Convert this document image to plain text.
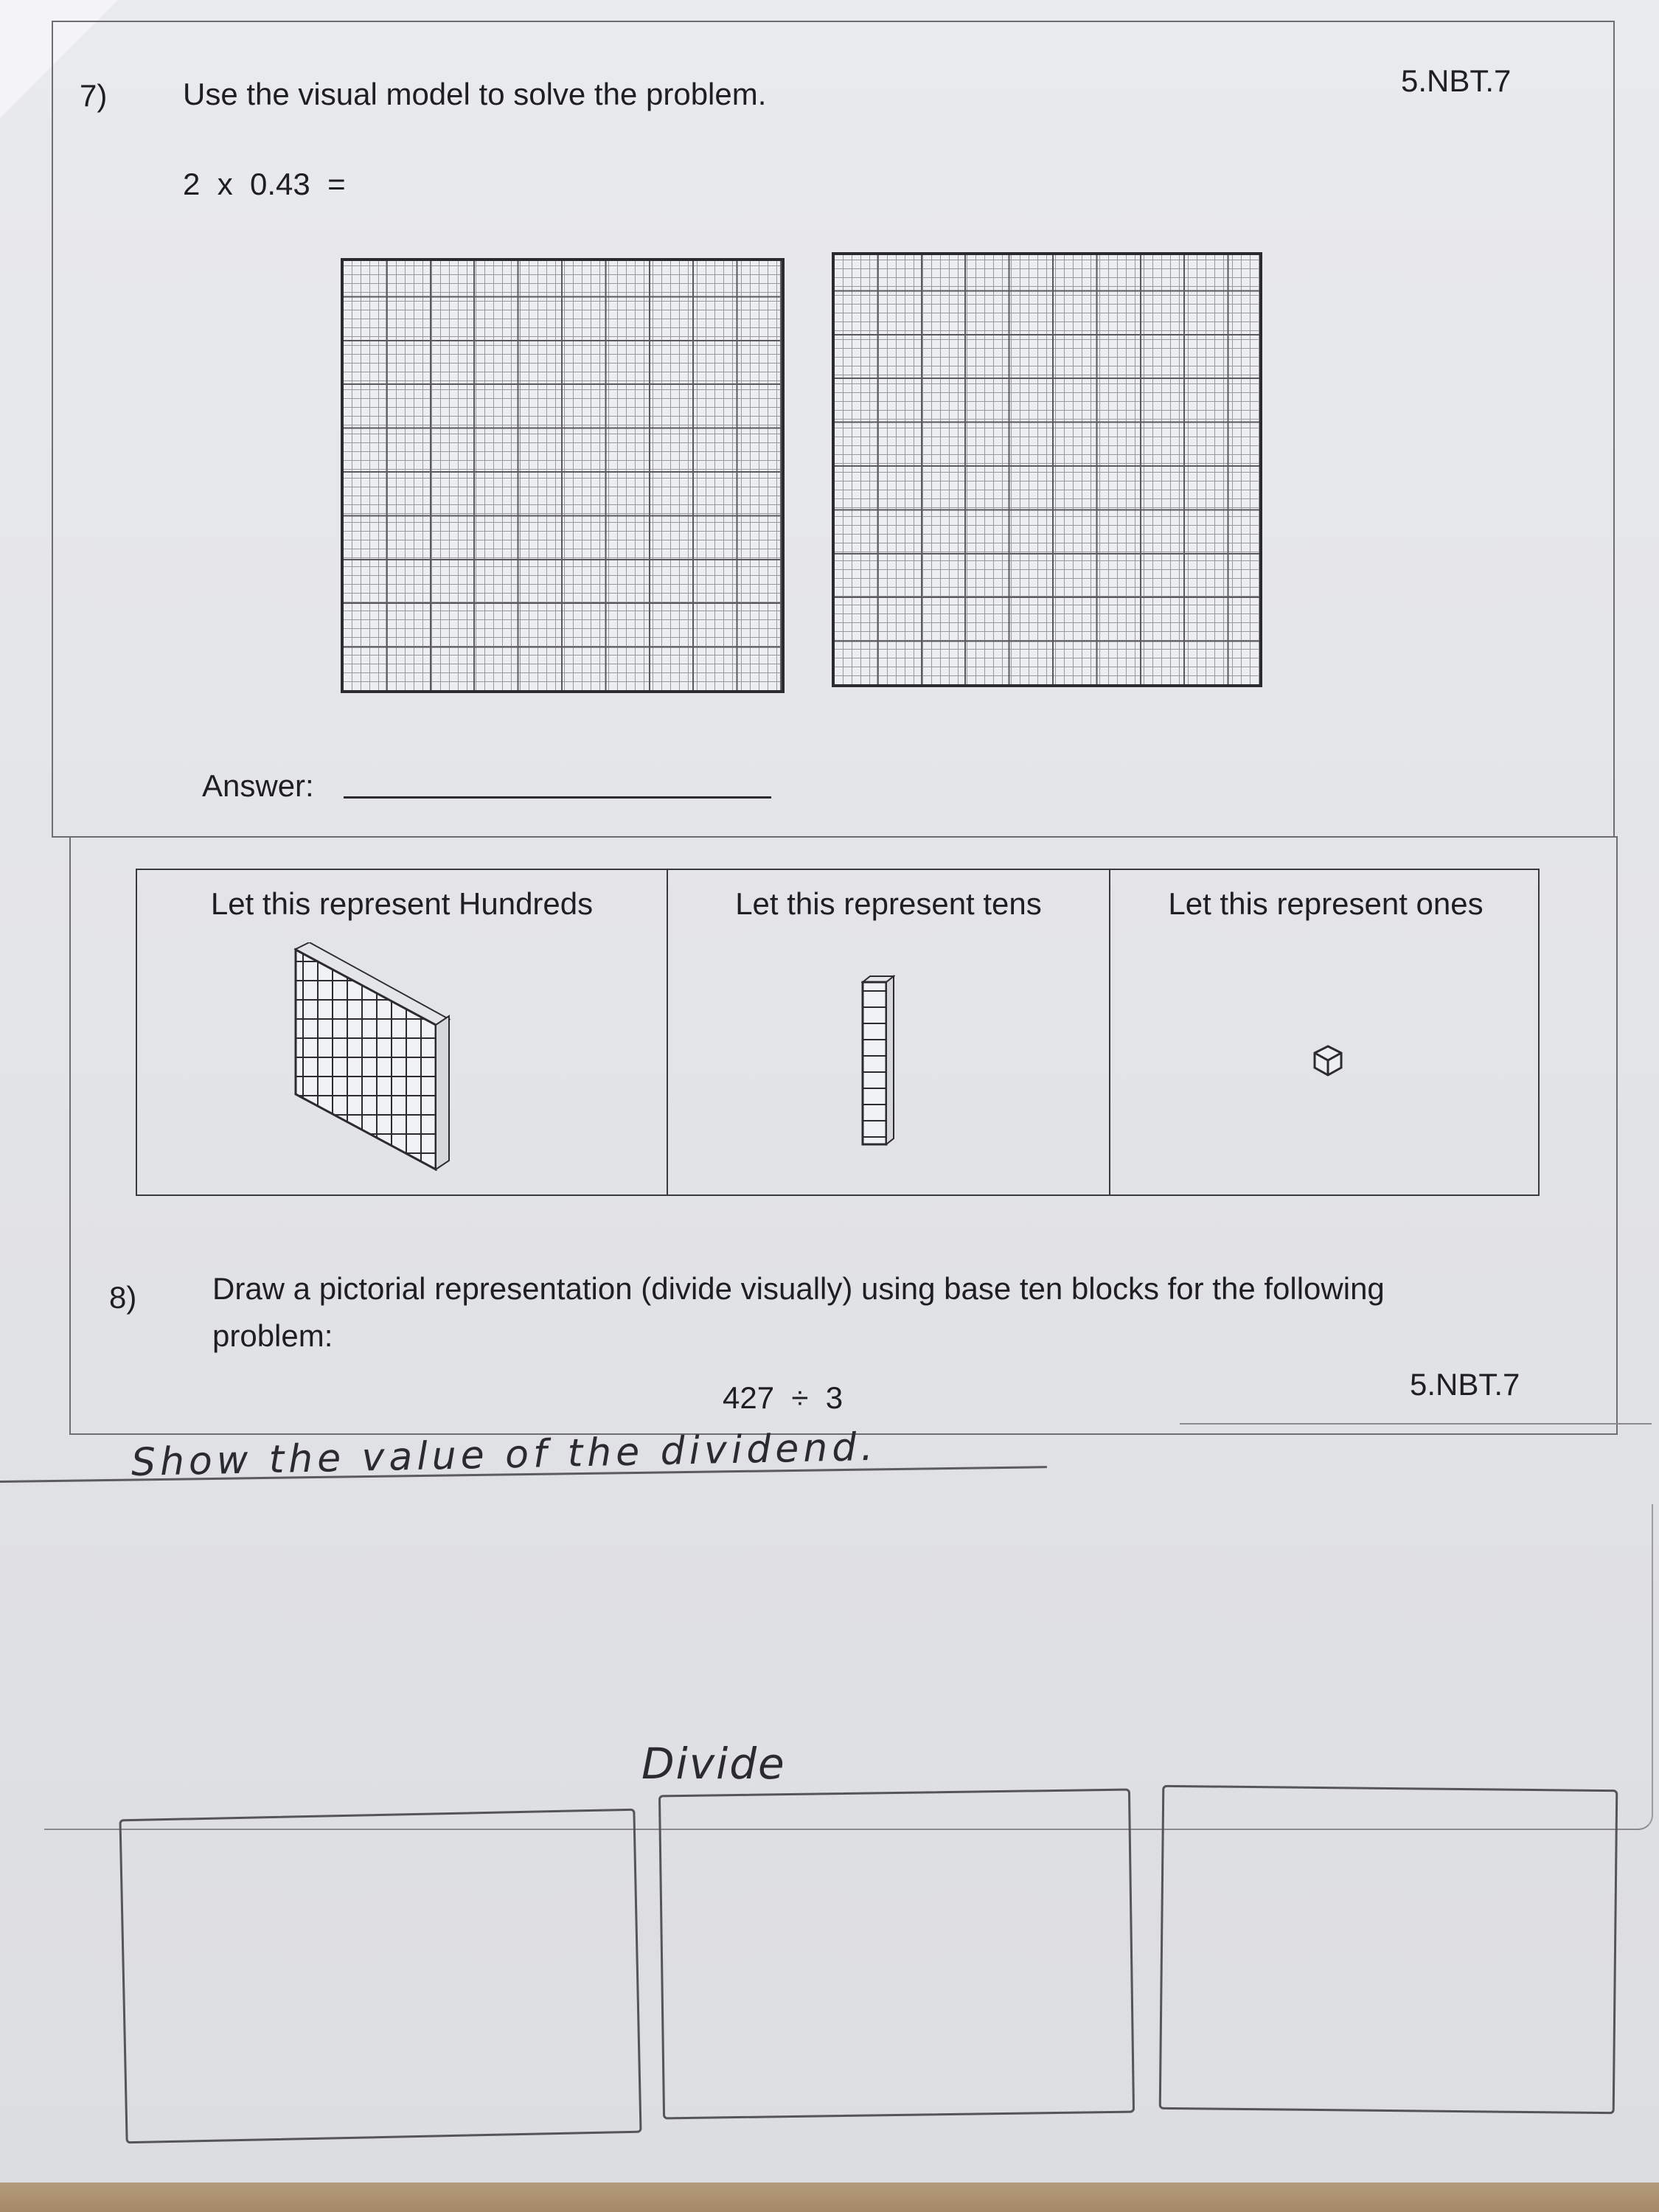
7) Use the visual model to solve the problem.	5.NBT.7
2  x  0.43  =
Answer:
Let this represent Hundreds	Let this represent tens	Let this represent ones
8) Draw a pictorial representation (divide visually) using base ten blocks for the following
problem:
427  ÷  3	5.NBT.7
Show the value of the dividend.
Divide
